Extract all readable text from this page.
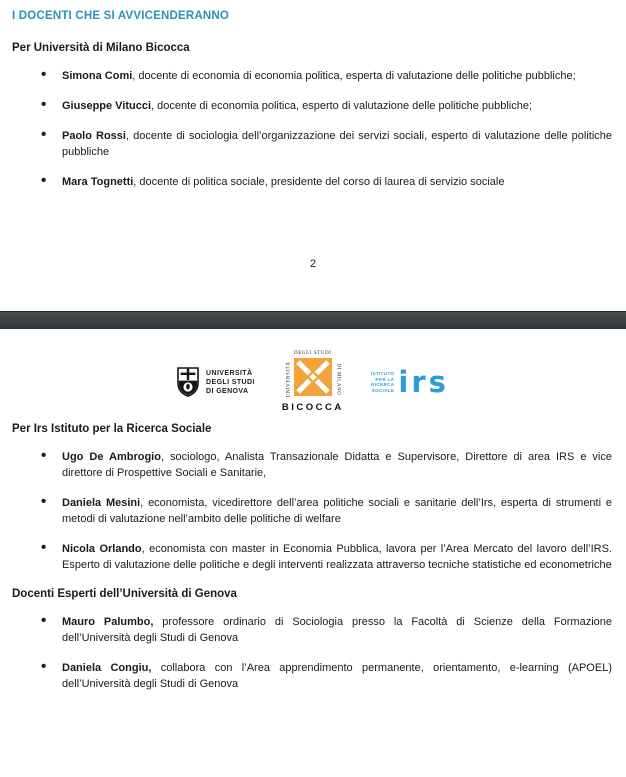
I DOCENTI CHE SI AVVICENDERANNO
Per Università di Milano Bicocca
• Simona Comi, docente di economia di economia politica, esperta di valutazione delle politiche pubbliche;
• Giuseppe Vitucci, docente di economia politica, esperto di valutazione delle politiche pubbliche;
• Paolo Rossi, docente di sociologia dell’organizzazione dei servizi sociali, esperto di valutazione delle politiche pubbliche
• Mara Tognetti, docente di politica sociale, presidente del corso di laurea di servizio sociale
2
UNIVERSITÀ
DEGLI STUDI
DI GENOVA
DEGLI STUDI
UNIVERSITÀ	DI MILANO
BICOCCA
ISTITUTO
PER LA
RICERCA
SOCIALE irs
Per Irs Istituto per la Ricerca Sociale
• Ugo De Ambrogio, sociologo, Analista Transazionale Didatta e Supervisore, Direttore di area IRS e vice direttore di Prospettive Sociali e Sanitarie,
• Daniela Mesini, economista, vicedirettore dell’area politiche sociali e sanitarie dell’Irs, esperta di strumenti e metodi di valutazione nell’ambito delle politiche di welfare
• Nicola Orlando, economista con master in Economia Pubblica, lavora per l’Area Mercato del lavoro dell’IRS. Esperto di valutazione delle politiche e degli interventi realizzata attraverso tecniche statistiche ed econometriche
Docenti Esperti dell’Università di Genova
• Mauro Palumbo, professore ordinario di Sociologia presso la Facoltà di Scienze della Formazione dell’Università degli Studi di Genova
• Daniela Congiu, collabora con l’Area apprendimento permanente, orientamento, e-learning (APOEL) dell’Università degli Studi di Genova
